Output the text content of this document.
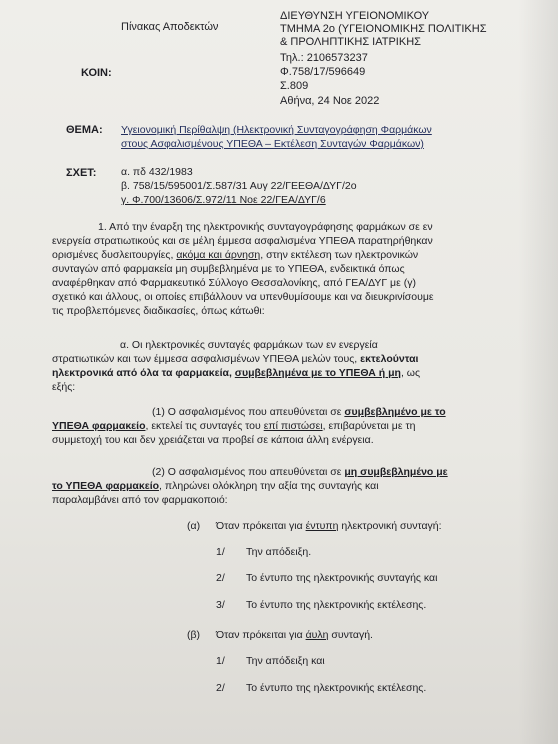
Πίνακας Αποδεκτών
ΔΙΕΥΘΥΝΣΗ ΥΓΕΙΟΝΟΜΙΚΟΥ
ΤΜΗΜΑ 2ο (ΥΓΕΙΟΝΟΜΙΚΗΣ ΠΟΛΙΤΙΚΗΣ
& ΠΡΟΛΗΠΤΙΚΗΣ ΙΑΤΡΙΚΗΣ
Τηλ.: 2106573237
Φ.758/17/596649
Σ.809
Αθήνα, 24 Νοε 2022
ΚΟΙΝ:
ΘΕΜΑ: Υγειονομική Περίθαλψη (Ηλεκτρονική Συνταγογράφηση Φαρμάκων
στους Ασφαλισμένους ΥΠΕΘΑ – Εκτέλεση Συνταγών Φαρμάκων)
ΣΧΕΤ: α. πδ 432/1983
β. 758/15/595001/Σ.587/31 Αυγ 22/ΓΕΕΘΑ/ΔΥΓ/2ο
γ. Φ.700/13606/Σ.972/11 Νοε 22/ΓΕΑ/ΔΥΓ/6
1. Από την έναρξη της ηλεκτρονικής συνταγογράφησης φαρμάκων σε εν
ενεργεία στρατιωτικούς και σε μέλη έμμεσα ασφαλισμένα ΥΠΕΘΑ παρατηρήθηκαν
ορισμένες δυσλειτουργίες, ακόμα και άρνηση, στην εκτέλεση των ηλεκτρονικών
συνταγών από φαρμακεία μη συμβεβλημένα με το ΥΠΕΘΑ, ενδεικτικά όπως
αναφέρθηκαν από Φαρμακευτικό Σύλλογο Θεσσαλονίκης, από ΓΕΑ/ΔΥΓ με (γ)
σχετικό και άλλους, οι οποίες επιβάλλουν να υπενθυμίσουμε και να διευκρινίσουμε
τις προβλεπόμενες διαδικασίες, όπως κάτωθι:
α. Οι ηλεκτρονικές συνταγές φαρμάκων των εν ενεργεία
στρατιωτικών και των έμμεσα ασφαλισμένων ΥΠΕΘΑ μελών τους, εκτελούνται
ηλεκτρονικά από όλα τα φαρμακεία, συμβεβλημένα με το ΥΠΕΘΑ ή μη, ως
εξής:
(1) Ο ασφαλισμένος που απευθύνεται σε συμβεβλημένο με το
ΥΠΕΘΑ φαρμακείο, εκτελεί τις συνταγές του επί πιστώσει, επιβαρύνεται με τη
συμμετοχή του και δεν χρειάζεται να προβεί σε κάποια άλλη ενέργεια.
(2) Ο ασφαλισμένος που απευθύνεται σε μη συμβεβλημένο με
το ΥΠΕΘΑ φαρμακείο, πληρώνει ολόκληρη την αξία της συνταγής και
παραλαμβάνει από τον φαρμακοποιό:
(α) Όταν πρόκειται για έντυπη ηλεκτρονική συνταγή:
1/ Την απόδειξη.
2/ Το έντυπο της ηλεκτρονικής συνταγής και
3/ Το έντυπο της ηλεκτρονικής εκτέλεσης.
(β) Όταν πρόκειται για άυλη συνταγή.
1/ Την απόδειξη και
2/ Το έντυπο της ηλεκτρονικής εκτέλεσης.
